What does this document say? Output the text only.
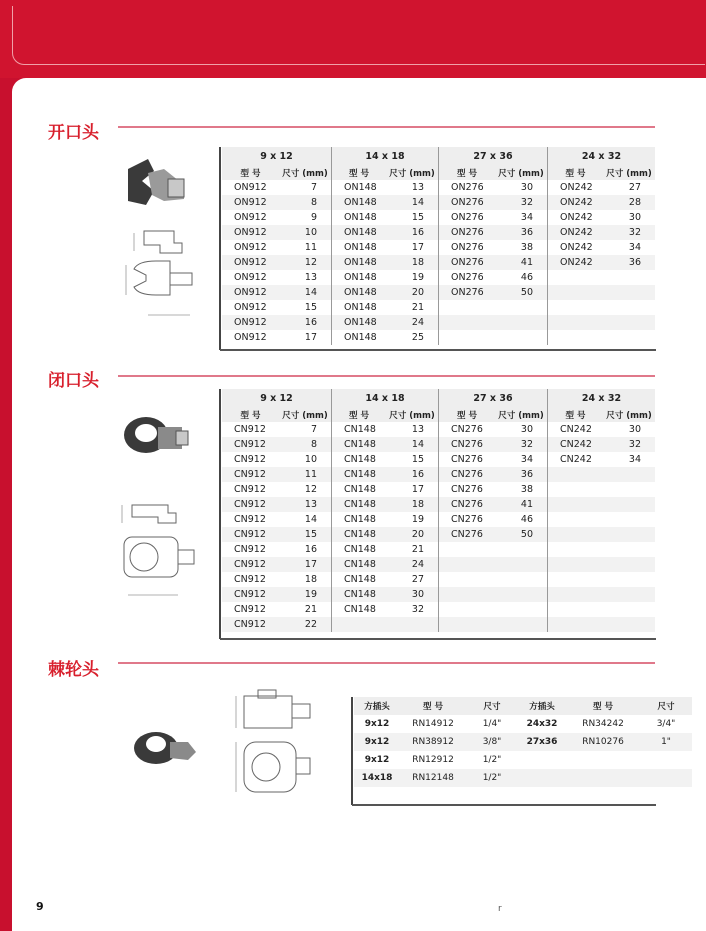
开口头
9 x 12		14 x 18		27 x 36		24 x 32	
型 号	尺寸 (mm)	型 号	尺寸 (mm)	型 号	尺寸 (mm)	型 号	尺寸 (mm)
ON912	7	ON148	13	ON276	30	ON242	27
ON912	8	ON148	14	ON276	32	ON242	28
ON912	9	ON148	15	ON276	34	ON242	30
ON912	10	ON148	16	ON276	36	ON242	32
ON912	11	ON148	17	ON276	38	ON242	34
ON912	12	ON148	18	ON276	41	ON242	36
ON912	13	ON148	19	ON276	46		
ON912	14	ON148	20	ON276	50		
ON912	15	ON148	21				
ON912	16	ON148	24				
ON912	17	ON148	25				
闭口头
9 x 12		14 x 18		27 x 36		24 x 32	
型 号	尺寸 (mm)	型 号	尺寸 (mm)	型 号	尺寸 (mm)	型 号	尺寸 (mm)
CN912	7	CN148	13	CN276	30	CN242	30
CN912	8	CN148	14	CN276	32	CN242	32
CN912	10	CN148	15	CN276	34	CN242	34
CN912	11	CN148	16	CN276	36		
CN912	12	CN148	17	CN276	38		
CN912	13	CN148	18	CN276	41		
CN912	14	CN148	19	CN276	46		
CN912	15	CN148	20	CN276	50		
CN912	16	CN148	21				
CN912	17	CN148	24				
CN912	18	CN148	27				
CN912	19	CN148	30				
CN912	21	CN148	32				
CN912	22						
棘轮头
方插头	型 号	尺寸	方插头	型 号	尺寸
9x12	RN14912	1/4"	24x32	RN34242	3/4"
9x12	RN38912	3/8"	27x36	RN10276	1"
9x12	RN12912	1/2"			
14x18	RN12148	1/2"			
9	r
